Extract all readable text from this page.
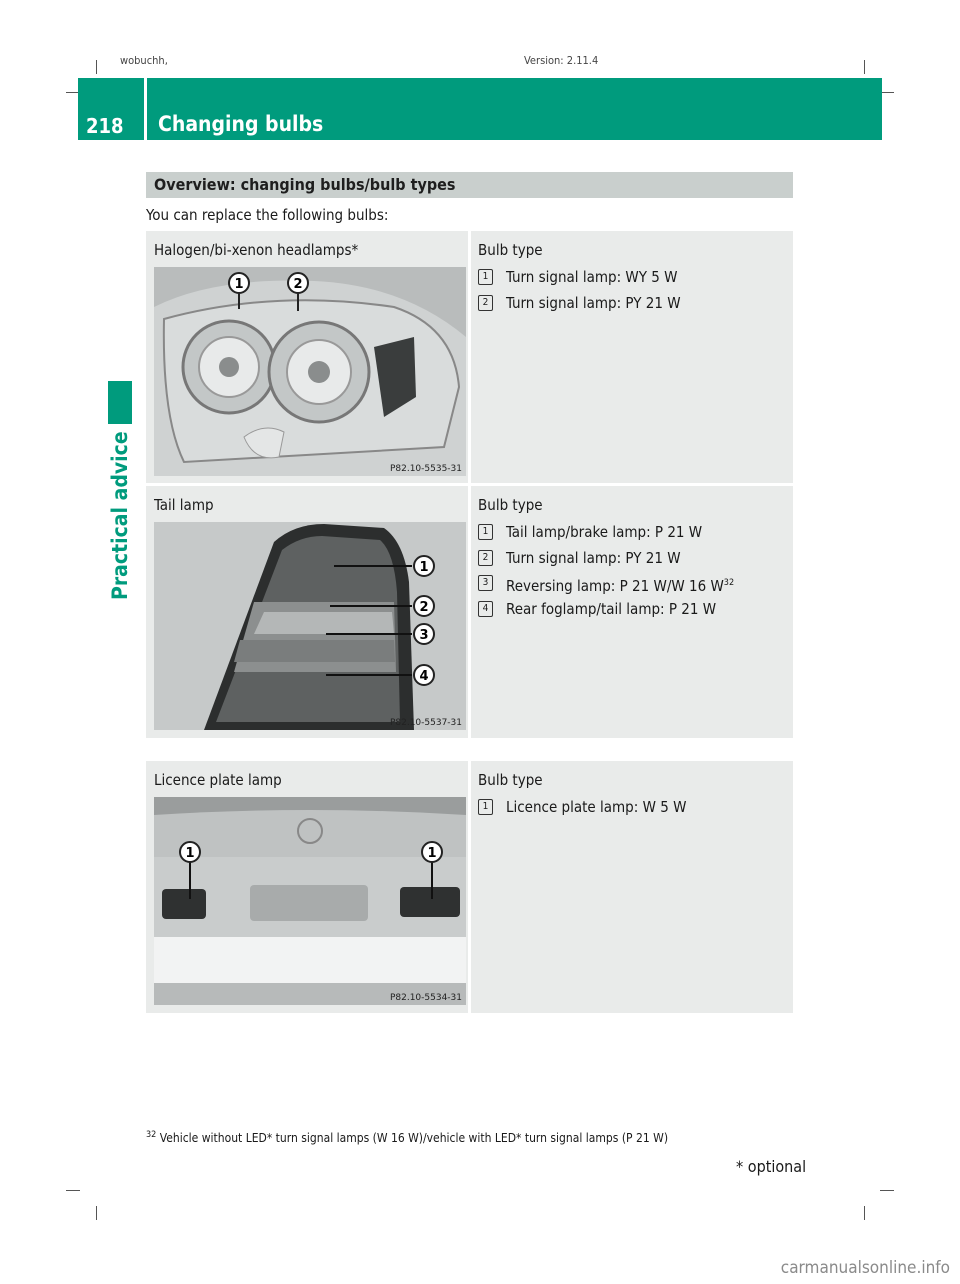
wobuchh,	Version: 2.11.4
218 Changing bulbs
Practical advice
Overview: changing bulbs/bulb types
You can replace the following bulbs:
Halogen/bi-xenon headlamps*
1	2
P82.10-5535-31
Bulb type
1	Turn signal lamp: WY 5 W
2	Turn signal lamp: PY 21 W
Tail lamp
1
2
3
4
P82.10-5537-31
Bulb type
1	Tail lamp/brake lamp: P 21 W
2	Turn signal lamp: PY 21 W
3	Reversing lamp: P 21 W/W 16 $W^{32}$
4	Rear foglamp/tail lamp: P 21 W
Licence plate lamp
1	1
P82.10-5534-31
Bulb type
1	Licence plate lamp: W 5 W
$^{32}$ Vehicle without LED* turn signal lamps (W 16 W)/vehicle with LED* turn signal lamps (P 21 W)
* optional
carmanualsonline.info
